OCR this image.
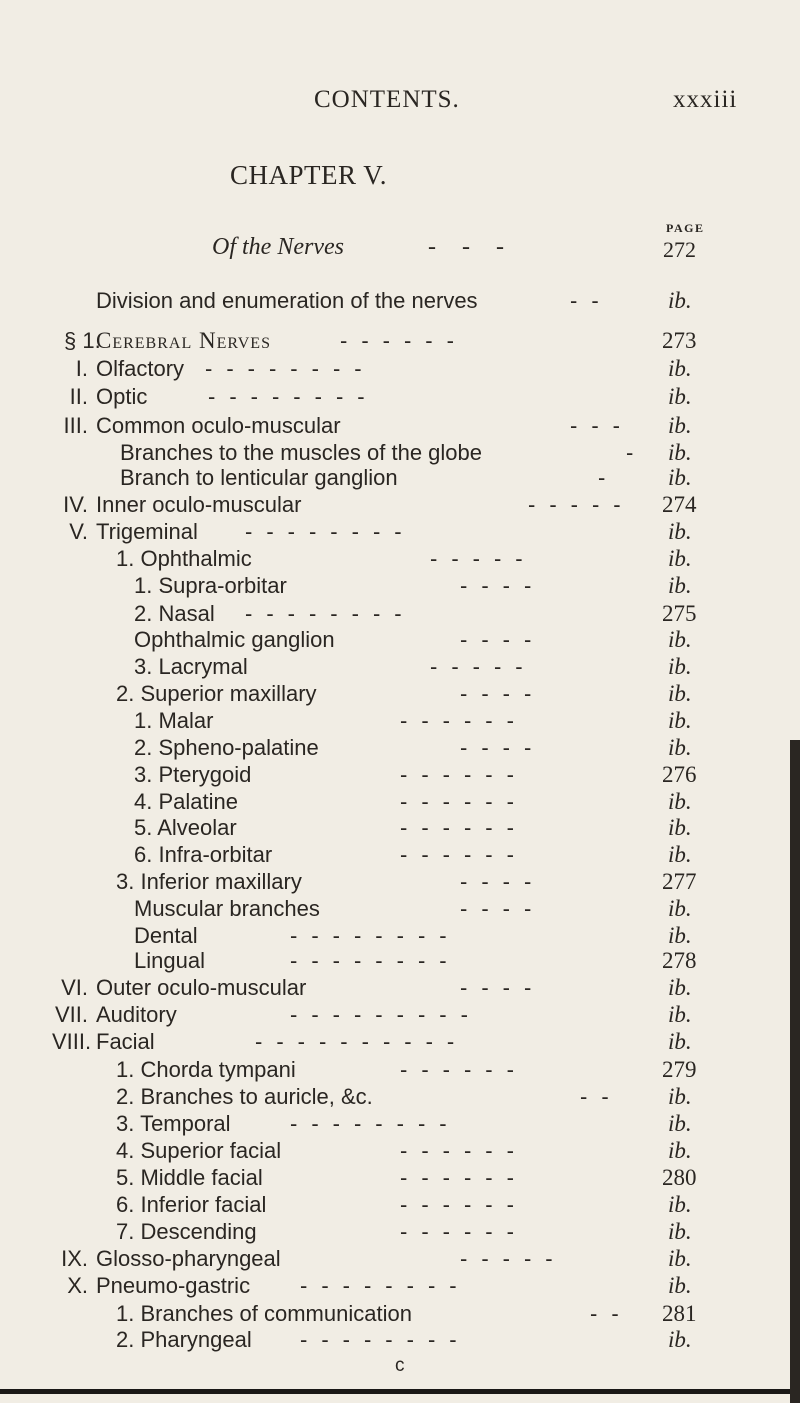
CONTENTS.	xxxiii
CHAPTER V.
PAGE
Of the Nerves	---	272
Division and enumeration of the nerves	-- ib.
§ 1.
Cerebral Nerves	------	273
I. Olfactory --------	ib.
II. Optic	--------	ib.
III. Common oculo-muscular	--- ib.
Branches to the muscles of the globe	- ib.
Branch to lenticular ganglion	- ib.
IV. Inner oculo-muscular	----- 274
V. Trigeminal --------	ib.
1. Ophthalmic	-----	ib.
1. Supra-orbitar	----	ib.
2. Nasal --------	275
Ophthalmic ganglion	----	ib.
3. Lacrymal	-----	ib.
2. Superior maxillary	----	ib.
1. Malar	------	ib.
2. Spheno-palatine	----	ib.
3. Pterygoid	------	276
4. Palatine	------	ib.
5. Alveolar	------	ib.
6. Infra-orbitar	------	ib.
3. Inferior maxillary	----	277
Muscular branches	----	ib.
Dental	--------	ib.
Lingual	--------	278
VI. Outer oculo-muscular	----	ib.
VII. Auditory	---------	ib.
VIII. Facial	----------	ib.
1. Chorda tympani	------	279
2. Branches to auricle, &c.	-- ib.
3. Temporal	--------	ib.
4. Superior facial	------	ib.
5. Middle facial	------	280
6. Inferior facial	------	ib.
7. Descending	------	ib.
IX. Glosso-pharyngeal	-----	ib.
X. Pneumo-gastric --------	ib.
1. Branches of communication	-- 281
2. Pharyngeal --------	ib.
c
